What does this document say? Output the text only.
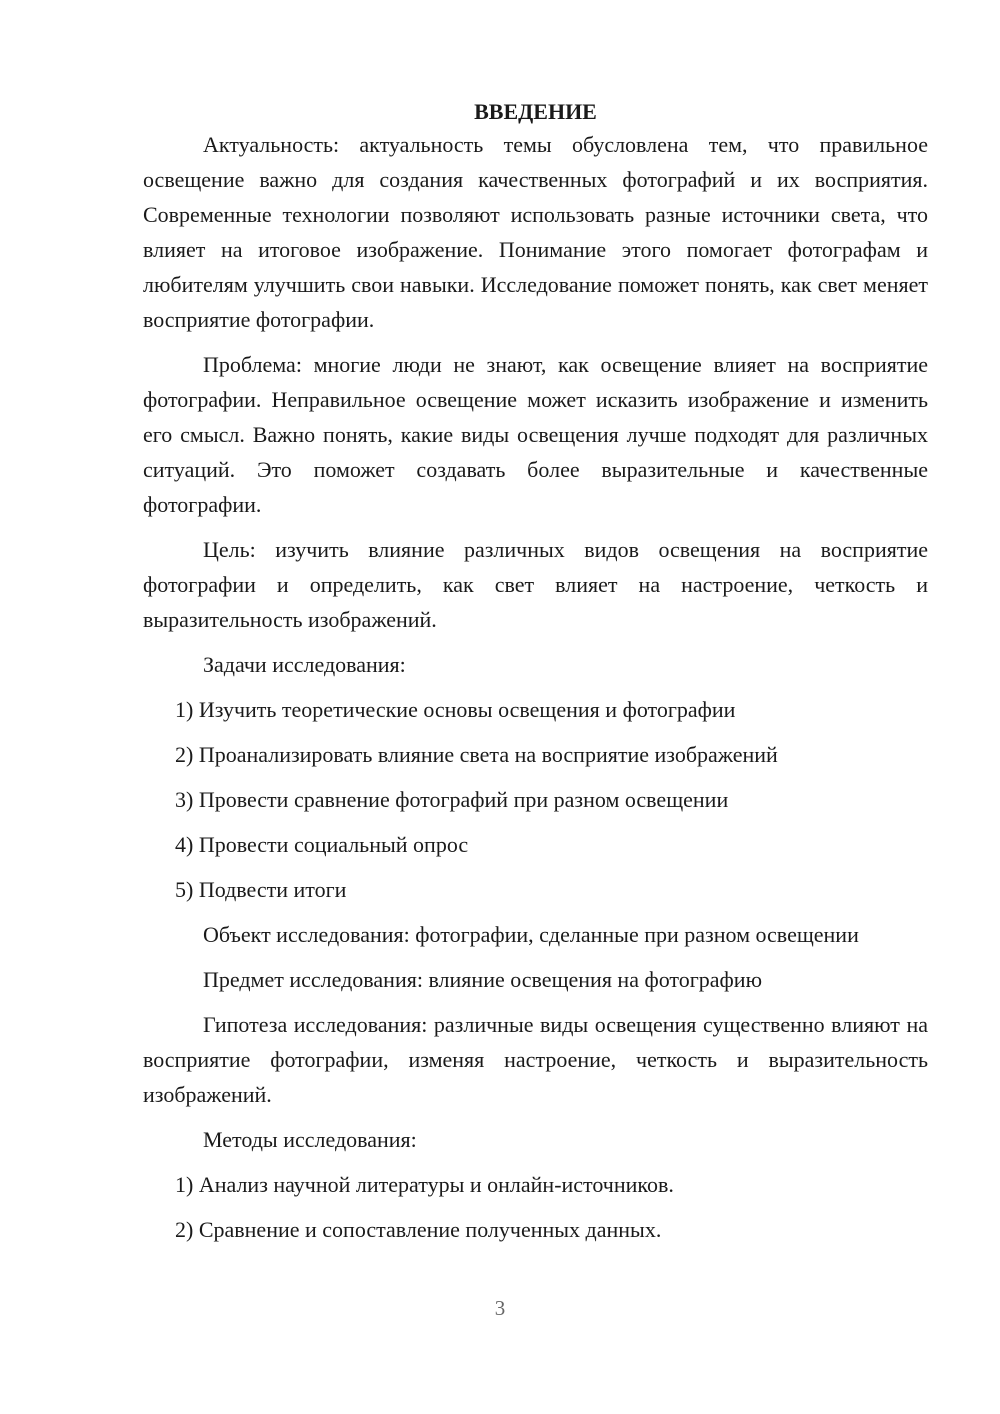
ВВЕДЕНИЕ

Актуальность: актуальность темы обусловлена тем, что правильное освещение важно для создания качественных фотографий и их восприятия. Современные технологии позволяют использовать разные источники света, что влияет на итоговое изображение. Понимание этого помогает фотографам и любителям улучшить свои навыки. Исследование поможет понять, как свет меняет восприятие фотографии.

Проблема: многие люди не знают, как освещение влияет на восприятие фотографии. Неправильное освещение может исказить изображение и изменить его смысл. Важно понять, какие виды освещения лучше подходят для различных ситуаций. Это поможет создавать более выразительные и качественные фотографии.

Цель: изучить влияние различных видов освещения на восприятие фотографии и определить, как свет влияет на настроение, четкость и выразительность изображений.

Задачи исследования:

1) Изучить теоретические основы освещения и фотографии
2) Проанализировать влияние света на восприятие изображений
3) Провести сравнение фотографий при разном освещении
4) Провести социальный опрос
5) Подвести итоги

Объект исследования: фотографии, сделанные при разном освещении

Предмет исследования: влияние освещения на фотографию

Гипотеза исследования: различные виды освещения существенно влияют на восприятие фотографии, изменяя настроение, четкость и выразительность изображений.

Методы исследования:

1) Анализ научной литературы и онлайн-источников.
2) Сравнение и сопоставление полученных данных.
3
